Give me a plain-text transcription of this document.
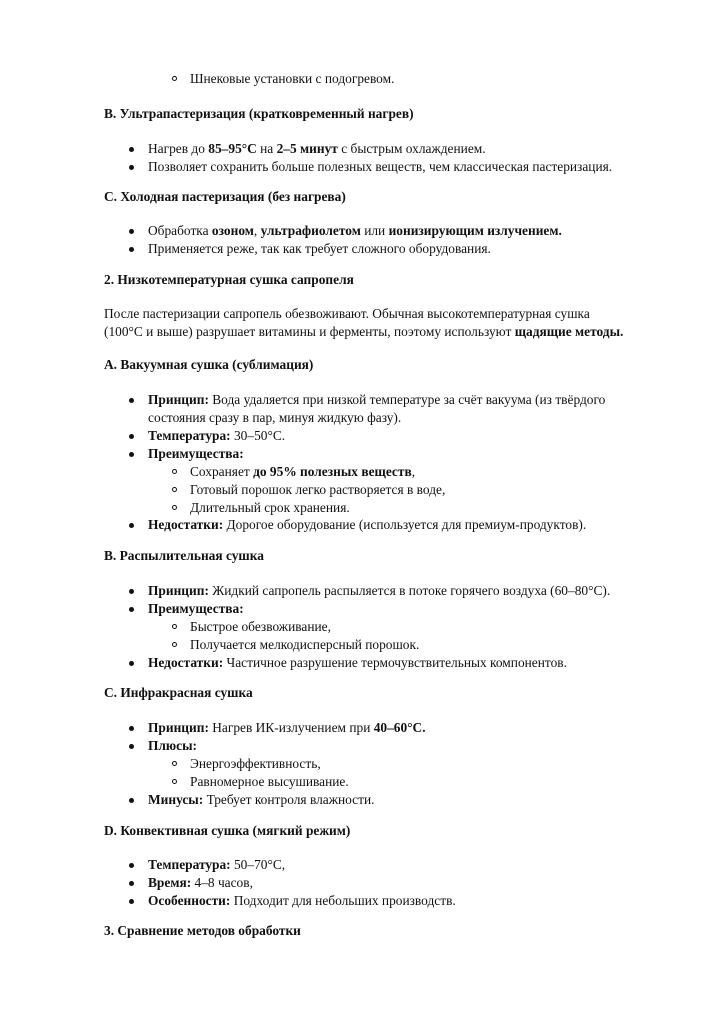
Шнековые установки с подогревом.
B. Ультрапастеризация (кратковременный нагрев)
Нагрев до 85–95°C на 2–5 минут с быстрым охлаждением.
Позволяет сохранить больше полезных веществ, чем классическая пастеризация.
C. Холодная пастеризация (без нагрева)
Обработка озоном, ультрафиолетом или ионизирующим излучением.
Применяется реже, так как требует сложного оборудования.
2. Низкотемпературная сушка сапропеля
После пастеризации сапропель обезвоживают. Обычная высокотемпературная сушка
(100°C и выше) разрушает витамины и ферменты, поэтому используют щадящие методы.
A. Вакуумная сушка (сублимация)
Принцип: Вода удаляется при низкой температуре за счёт вакуума (из твёрдого
состояния сразу в пар, минуя жидкую фазу).
Температура: 30–50°C.
Преимущества:
Сохраняет до 95% полезных веществ,
Готовый порошок легко растворяется в воде,
Длительный срок хранения.
Недостатки: Дорогое оборудование (используется для премиум-продуктов).
B. Распылительная сушка
Принцип: Жидкий сапропель распыляется в потоке горячего воздуха (60–80°C).
Преимущества:
Быстрое обезвоживание,
Получается мелкодисперсный порошок.
Недостатки: Частичное разрушение термочувствительных компонентов.
C. Инфракрасная сушка
Принцип: Нагрев ИК-излучением при 40–60°C.
Плюсы:
Энергоэффективность,
Равномерное высушивание.
Минусы: Требует контроля влажности.
D. Конвективная сушка (мягкий режим)
Температура: 50–70°C,
Время: 4–8 часов,
Особенности: Подходит для небольших производств.
3. Сравнение методов обработки
